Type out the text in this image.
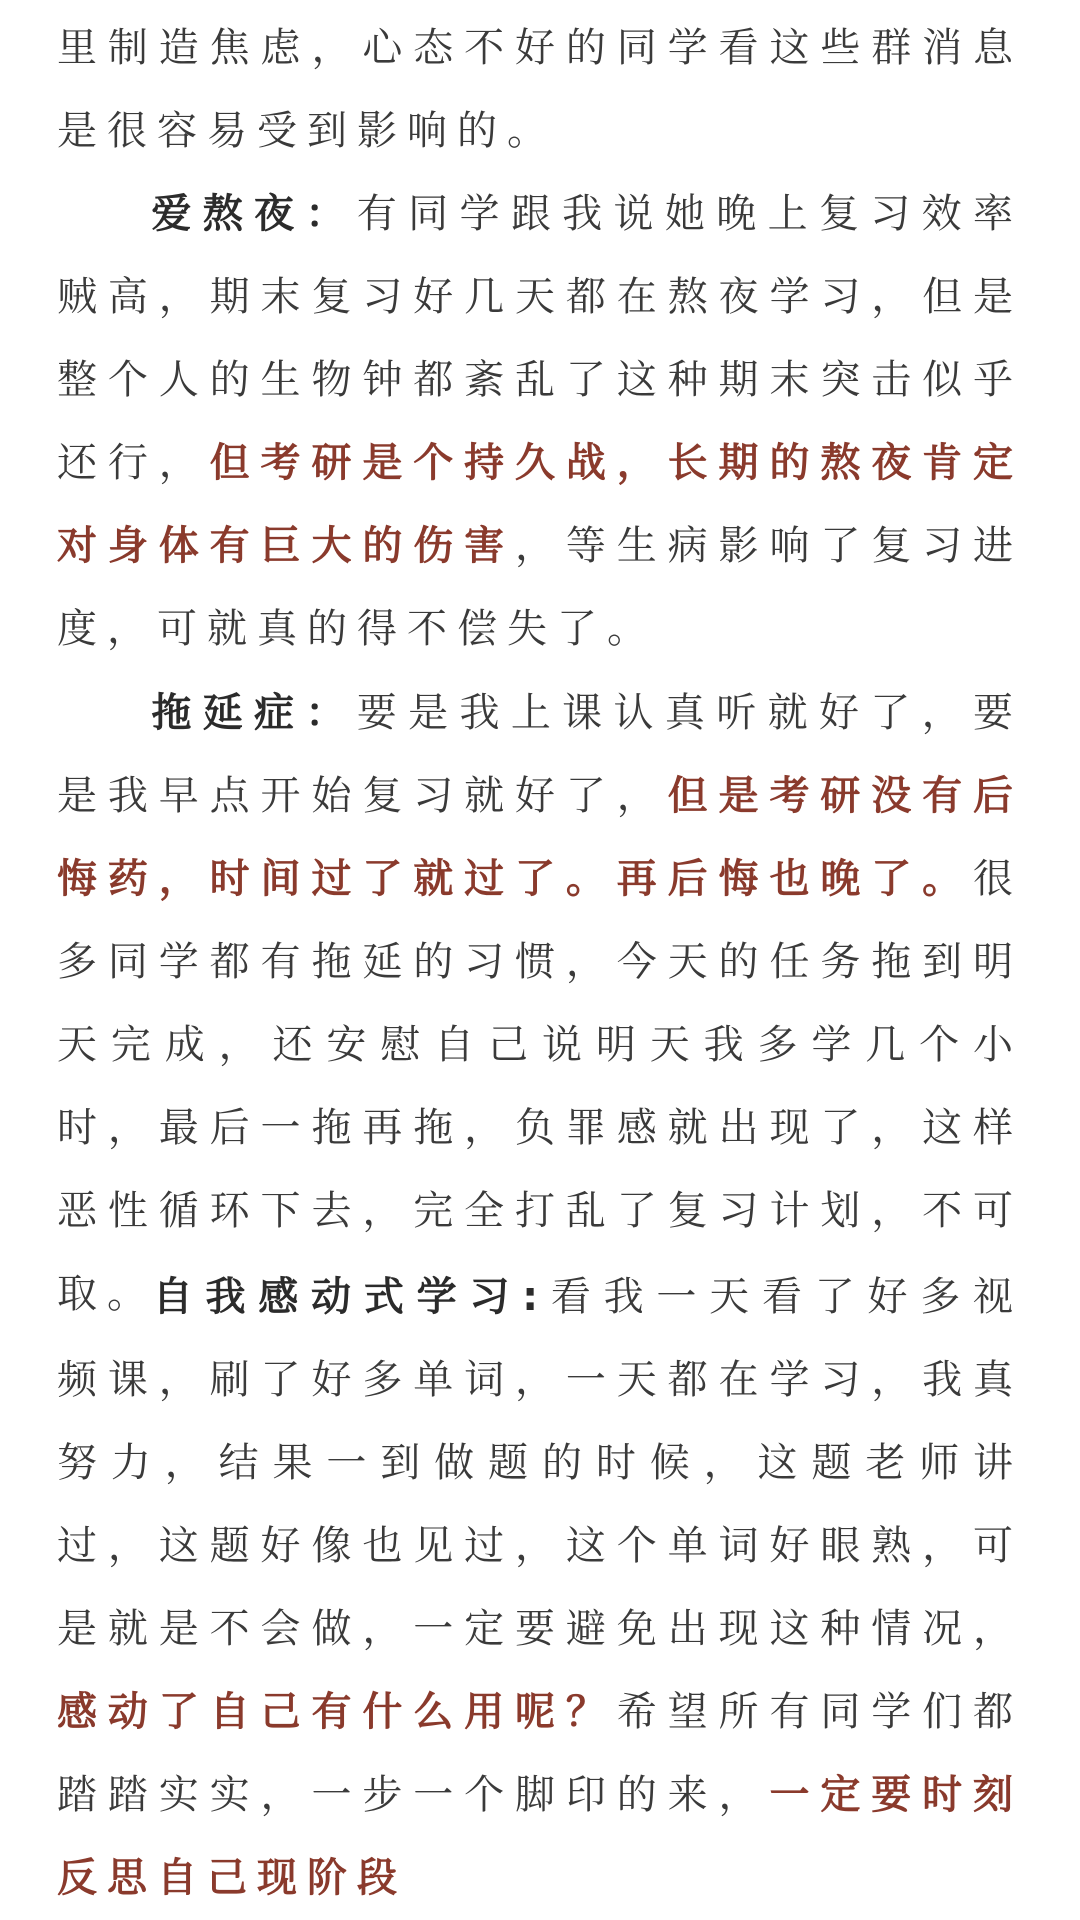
里制造焦虑，心态不好的同学看这些群消息是很容易受到影响的。

爱熬夜：有同学跟我说她晚上复习效率贼高，期末复习好几天都在熬夜学习，但是整个人的生物钟都紊乱了这种期末突击似乎还行，但考研是个持久战，长期的熬夜肯定对身体有巨大的伤害，等生病影响了复习进度，可就真的得不偿失了。

拖延症：要是我上课认真听就好了，要是我早点开始复习就好了，但是考研没有后悔药，时间过了就过了。再后悔也晚了。很多同学都有拖延的习惯，今天的任务拖到明天完成，还安慰自己说明天我多学几个小时，最后一拖再拖，负罪感就出现了，这样恶性循环下去，完全打乱了复习计划，不可取。

自我感动式学习:看我一天看了好多视频课，刷了好多单词，一天都在学习，我真努力，结果一到做题的时候，这题老师讲过，这题好像也见过，这个单词好眼熟，可是就是不会做，一定要避免出现这种情况，感动了自己有什么用呢？希望所有同学们都踏踏实实，一步一个脚印的来，一定要时刻反思自己现阶段
